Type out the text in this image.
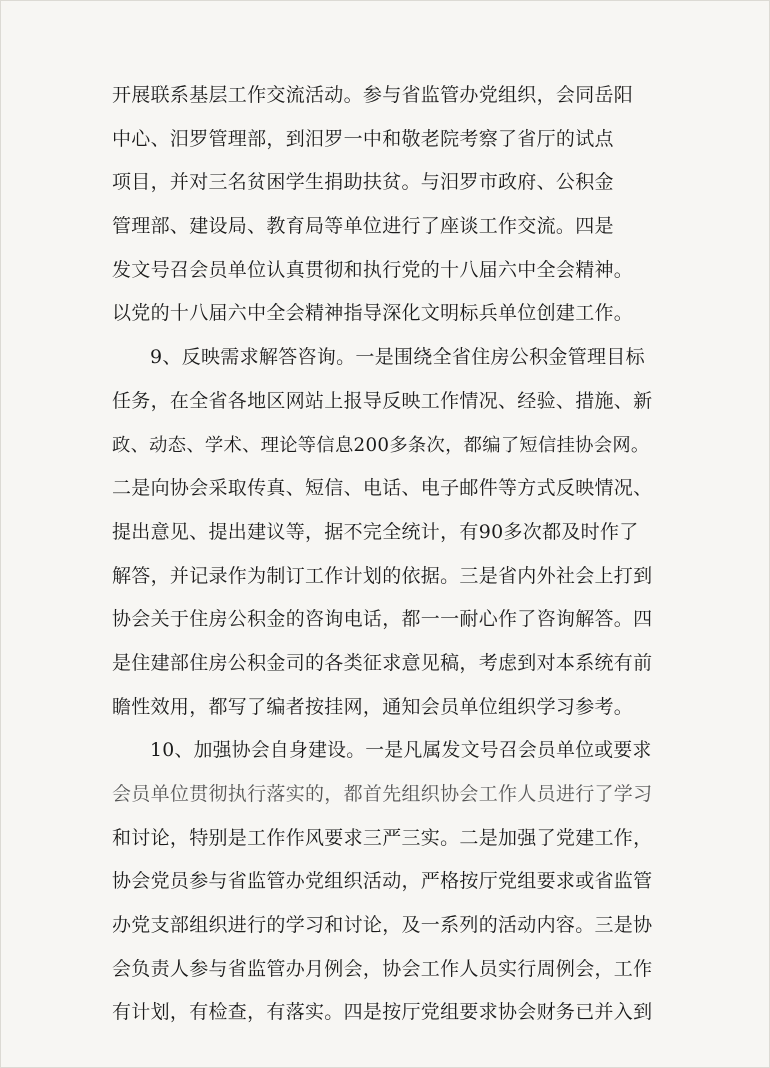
开展联系基层工作交流活动。参与省监管办党组织，会同岳阳
中心、汨罗管理部，到汨罗一中和敬老院考察了省厅的试点
项目，并对三名贫困学生捐助扶贫。与汨罗市政府、公积金
管理部、建设局、教育局等单位进行了座谈工作交流。四是
发文号召会员单位认真贯彻和执行党的十八届六中全会精神。
以党的十八届六中全会精神指导深化文明标兵单位创建工作。
9、反映需求解答咨询。一是围绕全省住房公积金管理目标
任务，在全省各地区网站上报导反映工作情况、经验、措施、新
政、动态、学术、理论等信息200多条次，都编了短信挂协会网。
二是向协会采取传真、短信、电话、电子邮件等方式反映情况、
提出意见、提出建议等，据不完全统计，有90多次都及时作了
解答，并记录作为制订工作计划的依据。三是省内外社会上打到
协会关于住房公积金的咨询电话，都一一耐心作了咨询解答。四
是住建部住房公积金司的各类征求意见稿，考虑到对本系统有前
瞻性效用，都写了编者按挂网，通知会员单位组织学习参考。
10、加强协会自身建设。一是凡属发文号召会员单位或要求
会员单位贯彻执行落实的，都首先组织协会工作人员进行了学习
和讨论，特别是工作作风要求三严三实。二是加强了党建工作，
协会党员参与省监管办党组织活动，严格按厅党组要求或省监管
办党支部组织进行的学习和讨论，及一系列的活动内容。三是协
会负责人参与省监管办月例会，协会工作人员实行周例会，工作
有计划，有检查，有落实。四是按厅党组要求协会财务已并入到
